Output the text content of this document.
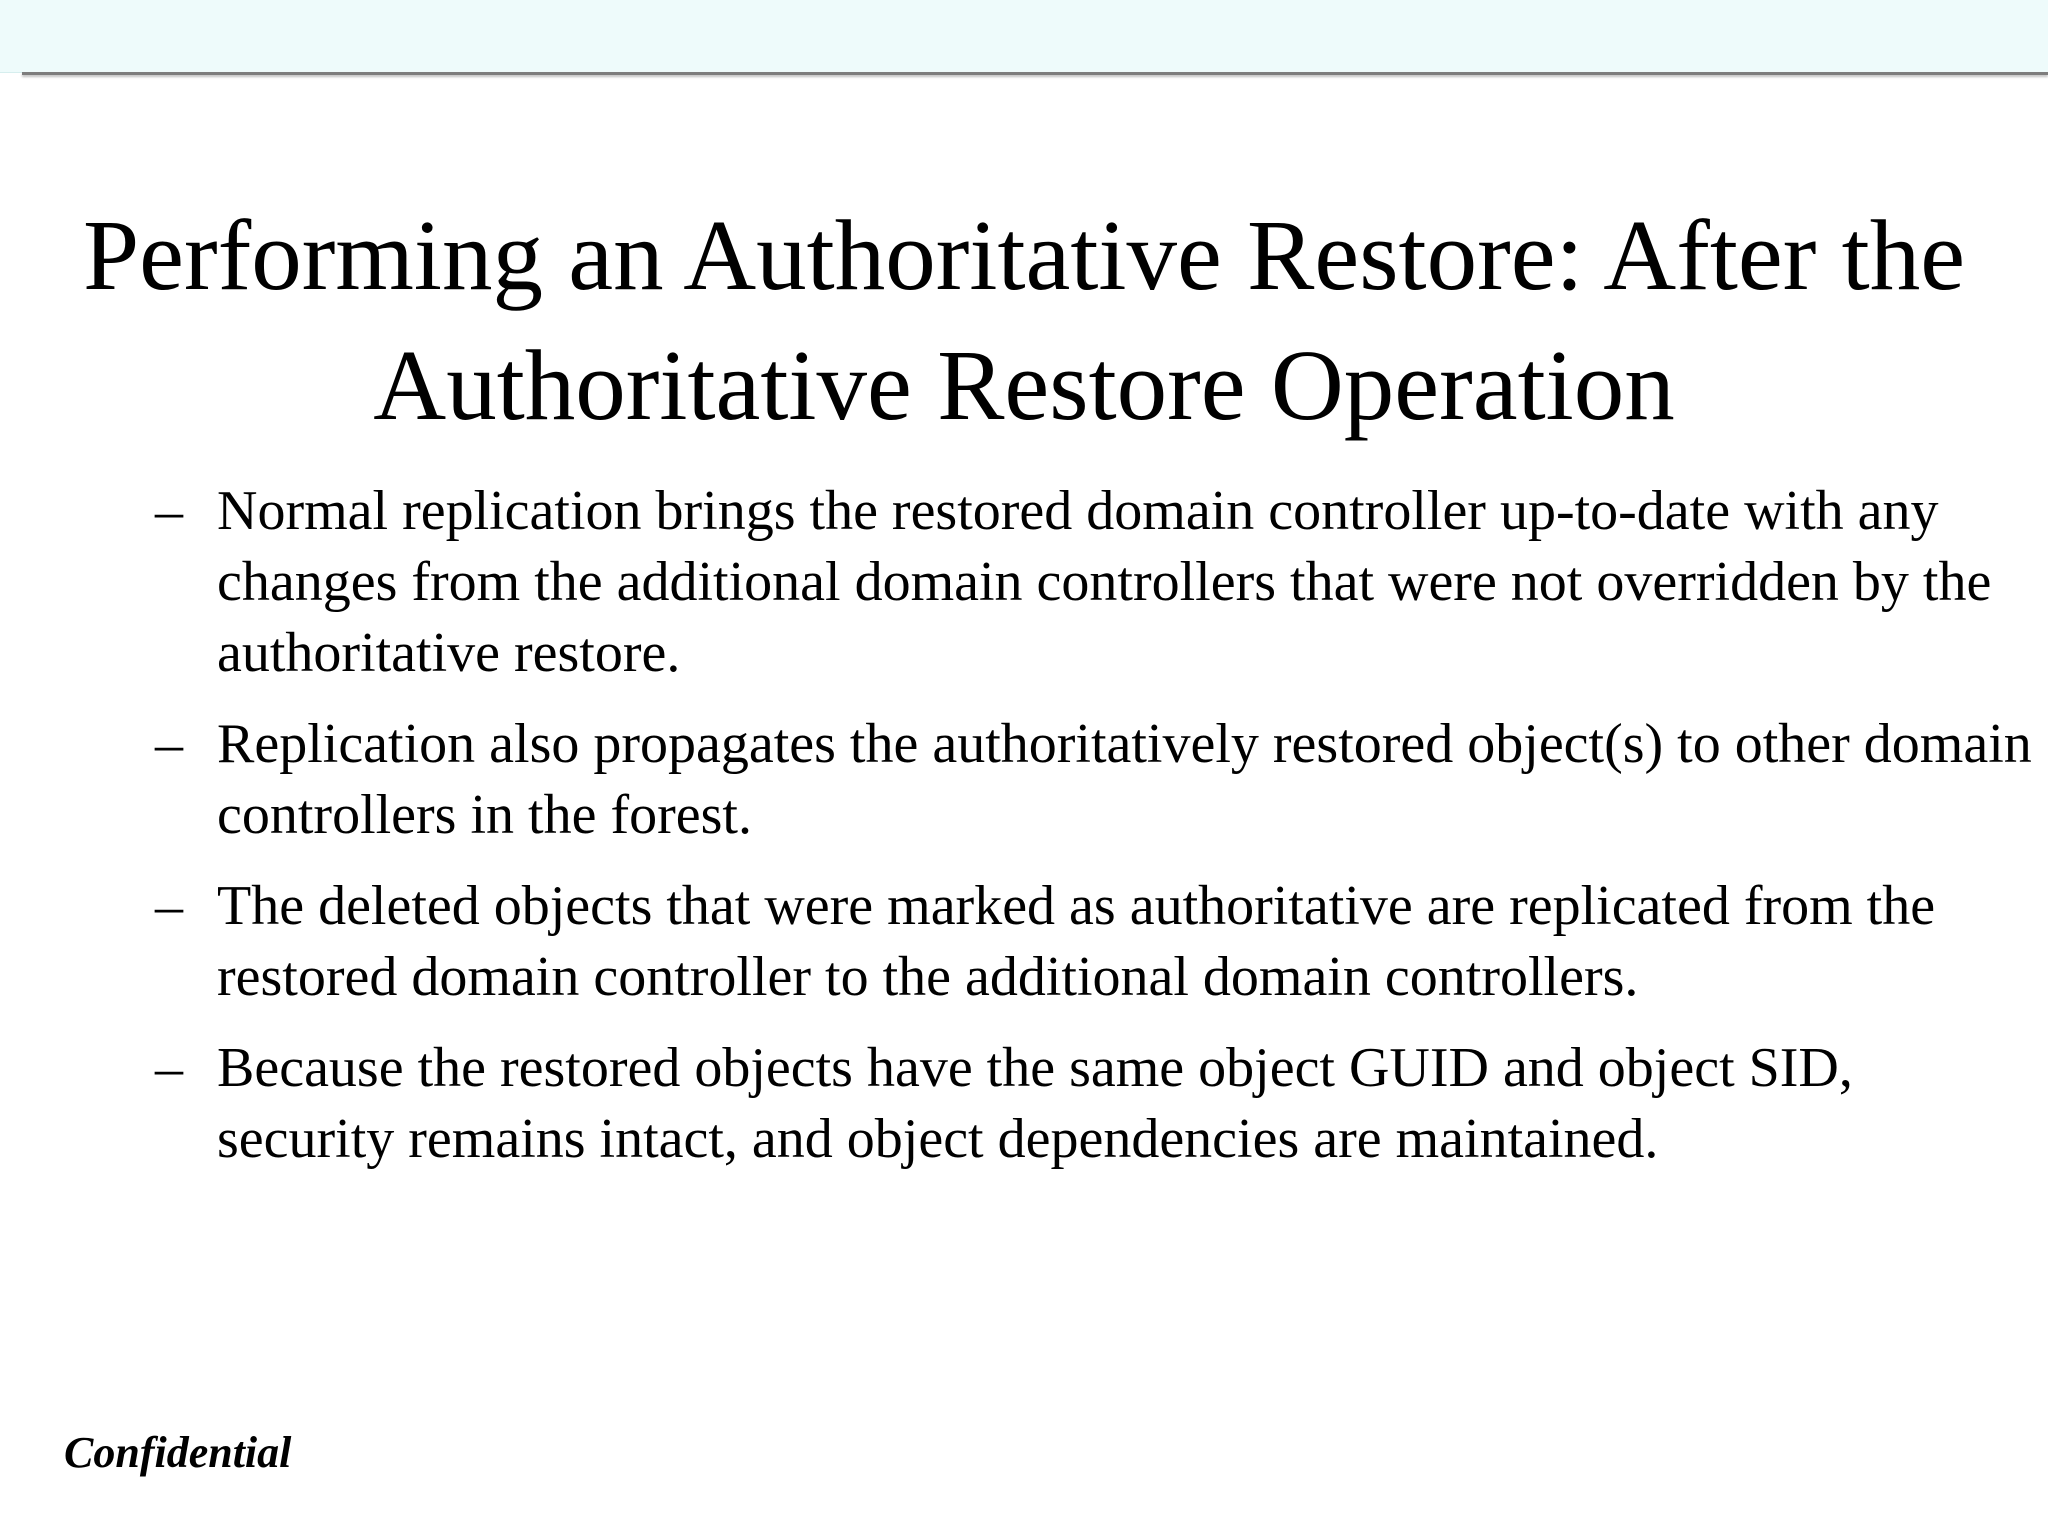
Performing an Authoritative Restore: After the Authoritative Restore Operation
– Normal replication brings the restored domain controller up-to-date with any changes from the additional domain controllers that were not overridden by the authoritative restore.
– Replication also propagates the authoritatively restored object(s) to other domain controllers in the forest.
– The deleted objects that were marked as authoritative are replicated from the restored domain controller to the additional domain controllers.
– Because the restored objects have the same object GUID and object SID, security remains intact, and object dependencies are maintained.
Confidential
